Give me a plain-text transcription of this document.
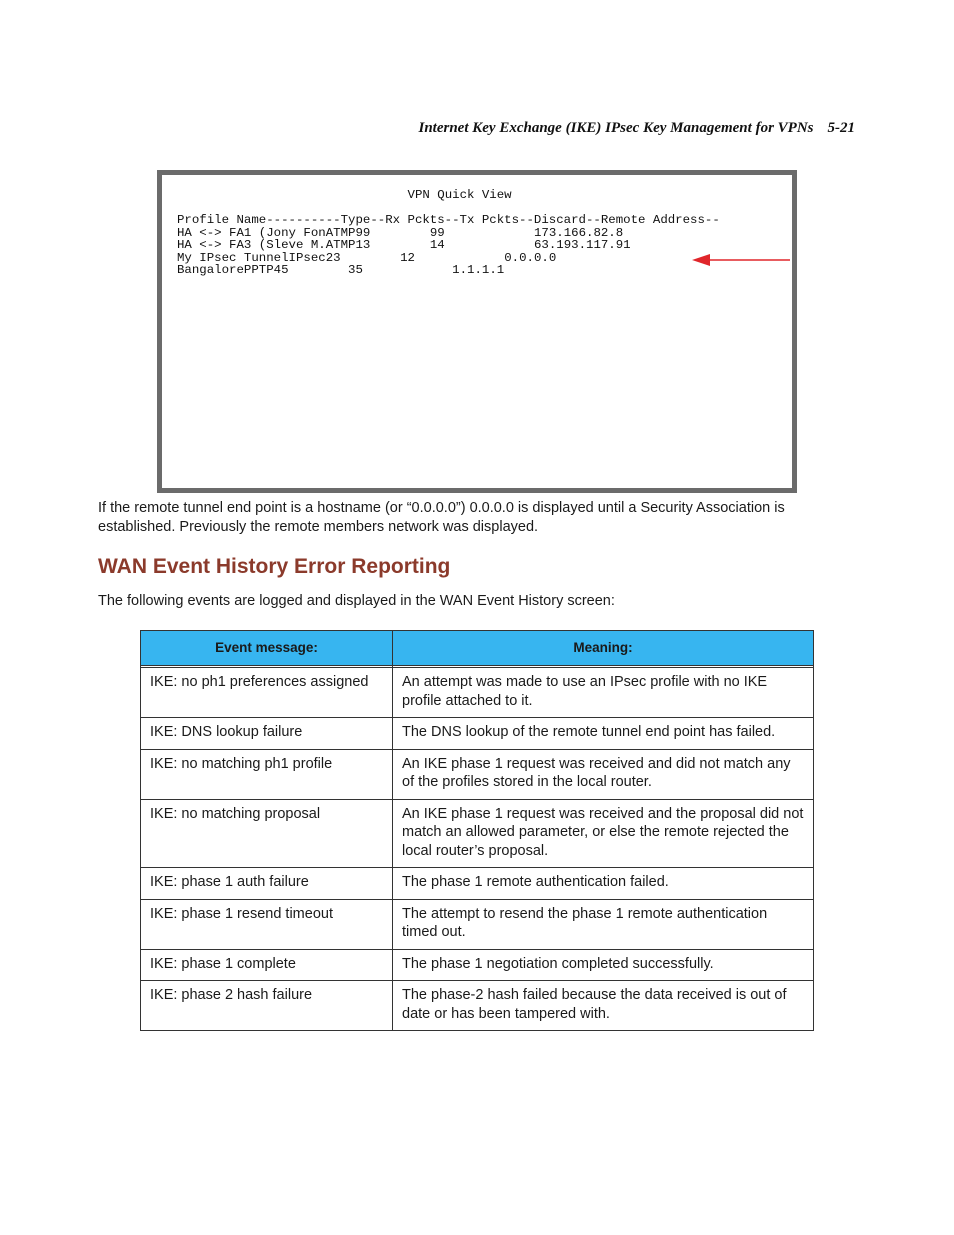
Internet Key Exchange (IKE) IPsec Key Management for VPNs 5-21
VPN Quick View

Profile Name----------Type--Rx Pckts--Tx Pckts--Discard--Remote Address--
HA <-> FA1 (Jony FonATMP99	99	173.166.82.8
HA <-> FA3 (Sleve M.ATMP13	14	63.193.117.91
My IPsec TunnelIPsec23	12	0.0.0.0
BangalorePPTP45	35	1.1.1.1
If the remote tunnel end point is a hostname (or “0.0.0.0”) 0.0.0.0 is displayed until a Security Association is established. Previously the remote members network was displayed.
WAN Event History Error Reporting
The following events are logged and displayed in the WAN Event History screen:
Event message:	Meaning:

IKE: no ph1 preferences assigned	An attempt was made to use an IPsec profile with no IKE profile attached to it.
IKE: DNS lookup failure	The DNS lookup of the remote tunnel end point has failed.
IKE: no matching ph1 profile	An IKE phase 1 request was received and did not match any of the profiles stored in the local router.
IKE: no matching proposal	An IKE phase 1 request was received and the proposal did not match an allowed parameter, or else the remote rejected the local router’s proposal.
IKE: phase 1 auth failure	The phase 1 remote authentication failed.
IKE: phase 1 resend timeout	The attempt to resend the phase 1 remote authentication timed out.
IKE: phase 1 complete	The phase 1 negotiation completed successfully.
IKE: phase 2 hash failure	The phase-2 hash failed because the data received is out of date or has been tampered with.
